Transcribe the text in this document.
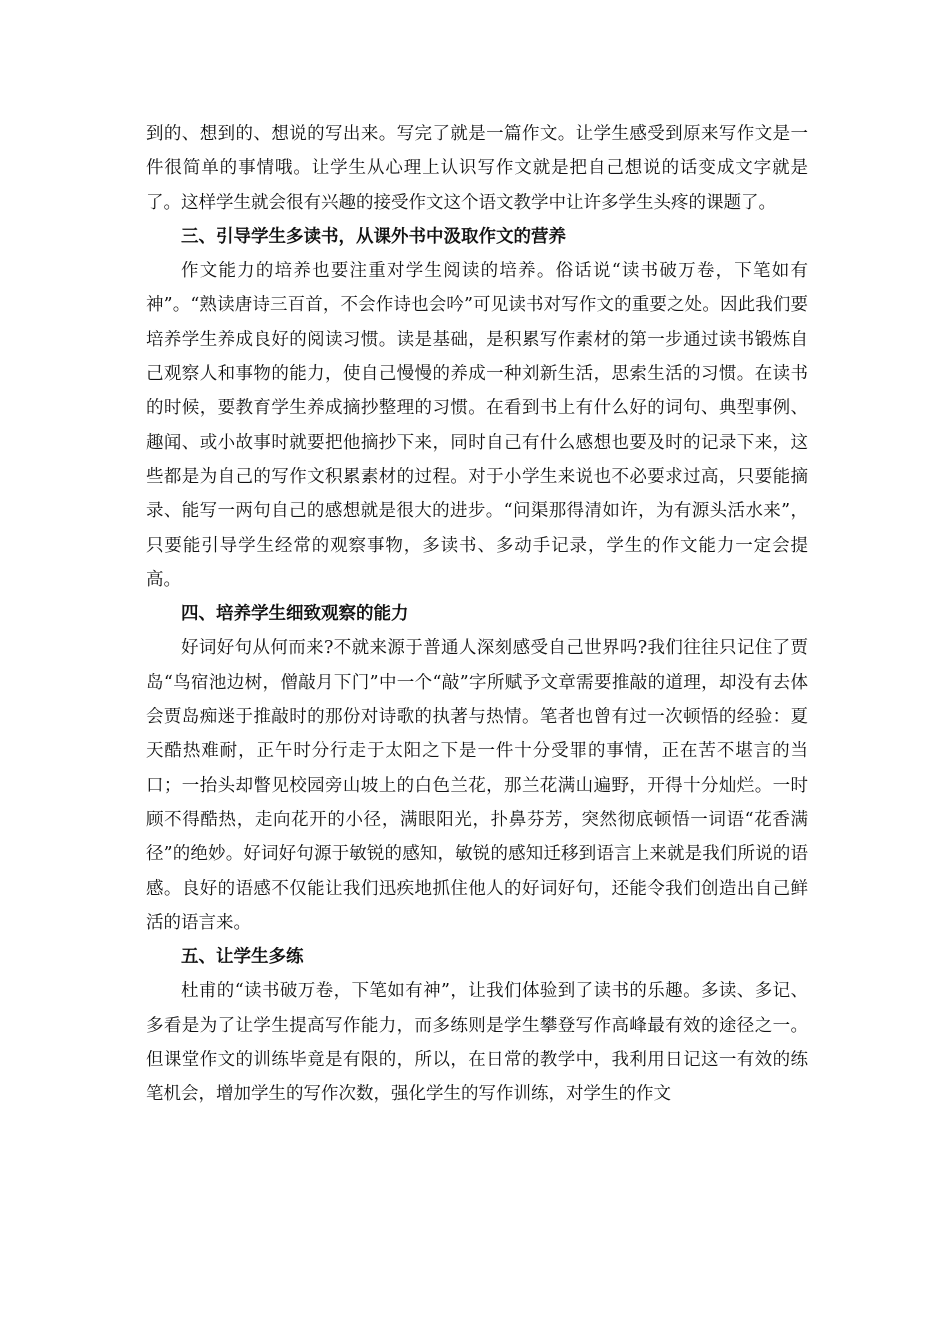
到的、想到的、想说的写出来。写完了就是一篇作文。让学生感受到原来写作文是一件很简单的事情哦。让学生从心理上认识写作文就是把自己想说的话变成文字就是了。这样学生就会很有兴趣的接受作文这个语文教学中让许多学生头疼的课题了。

三、引导学生多读书，从课外书中汲取作文的营养

作文能力的培养也要注重对学生阅读的培养。俗话说“读书破万卷，下笔如有神”。“熟读唐诗三百首，不会作诗也会吟”可见读书对写作文的重要之处。因此我们要培养学生养成良好的阅读习惯。读是基础，是积累写作素材的第一步通过读书锻炼自己观察人和事物的能力，使自己慢慢的养成一种刘新生活，思索生活的习惯。在读书的时候，要教育学生养成摘抄整理的习惯。在看到书上有什么好的词句、典型事例、趣闻、或小故事时就要把他摘抄下来，同时自己有什么感想也要及时的记录下来，这些都是为自己的写作文积累素材的过程。对于小学生来说也不必要求过高，只要能摘录、能写一两句自己的感想就是很大的进步。“问渠那得清如许，为有源头活水来”，只要能引导学生经常的观察事物，多读书、多动手记录，学生的作文能力一定会提高。

四、培养学生细致观察的能力

好词好句从何而来?不就来源于普通人深刻感受自己世界吗?我们往往只记住了贾岛“鸟宿池边树，僧敲月下门”中一个“敲”字所赋予文章需要推敲的道理，却没有去体会贾岛痴迷于推敲时的那份对诗歌的执著与热情。笔者也曾有过一次顿悟的经验：夏天酷热难耐，正午时分行走于太阳之下是一件十分受罪的事情，正在苦不堪言的当口；一抬头却瞥见校园旁山坡上的白色兰花，那兰花满山遍野，开得十分灿烂。一时顾不得酷热，走向花开的小径，满眼阳光，扑鼻芬芳，突然彻底顿悟一词语“花香满径”的绝妙。好词好句源于敏锐的感知，敏锐的感知迁移到语言上来就是我们所说的语感。良好的语感不仅能让我们迅疾地抓住他人的好词好句，还能令我们创造出自己鲜活的语言来。

五、让学生多练

杜甫的“读书破万卷，下笔如有神”，让我们体验到了读书的乐趣。多读、多记、多看是为了让学生提高写作能力，而多练则是学生攀登写作高峰最有效的途径之一。但课堂作文的训练毕竟是有限的，所以，在日常的教学中，我利用日记这一有效的练笔机会，增加学生的写作次数，强化学生的写作训练，对学生的作文
